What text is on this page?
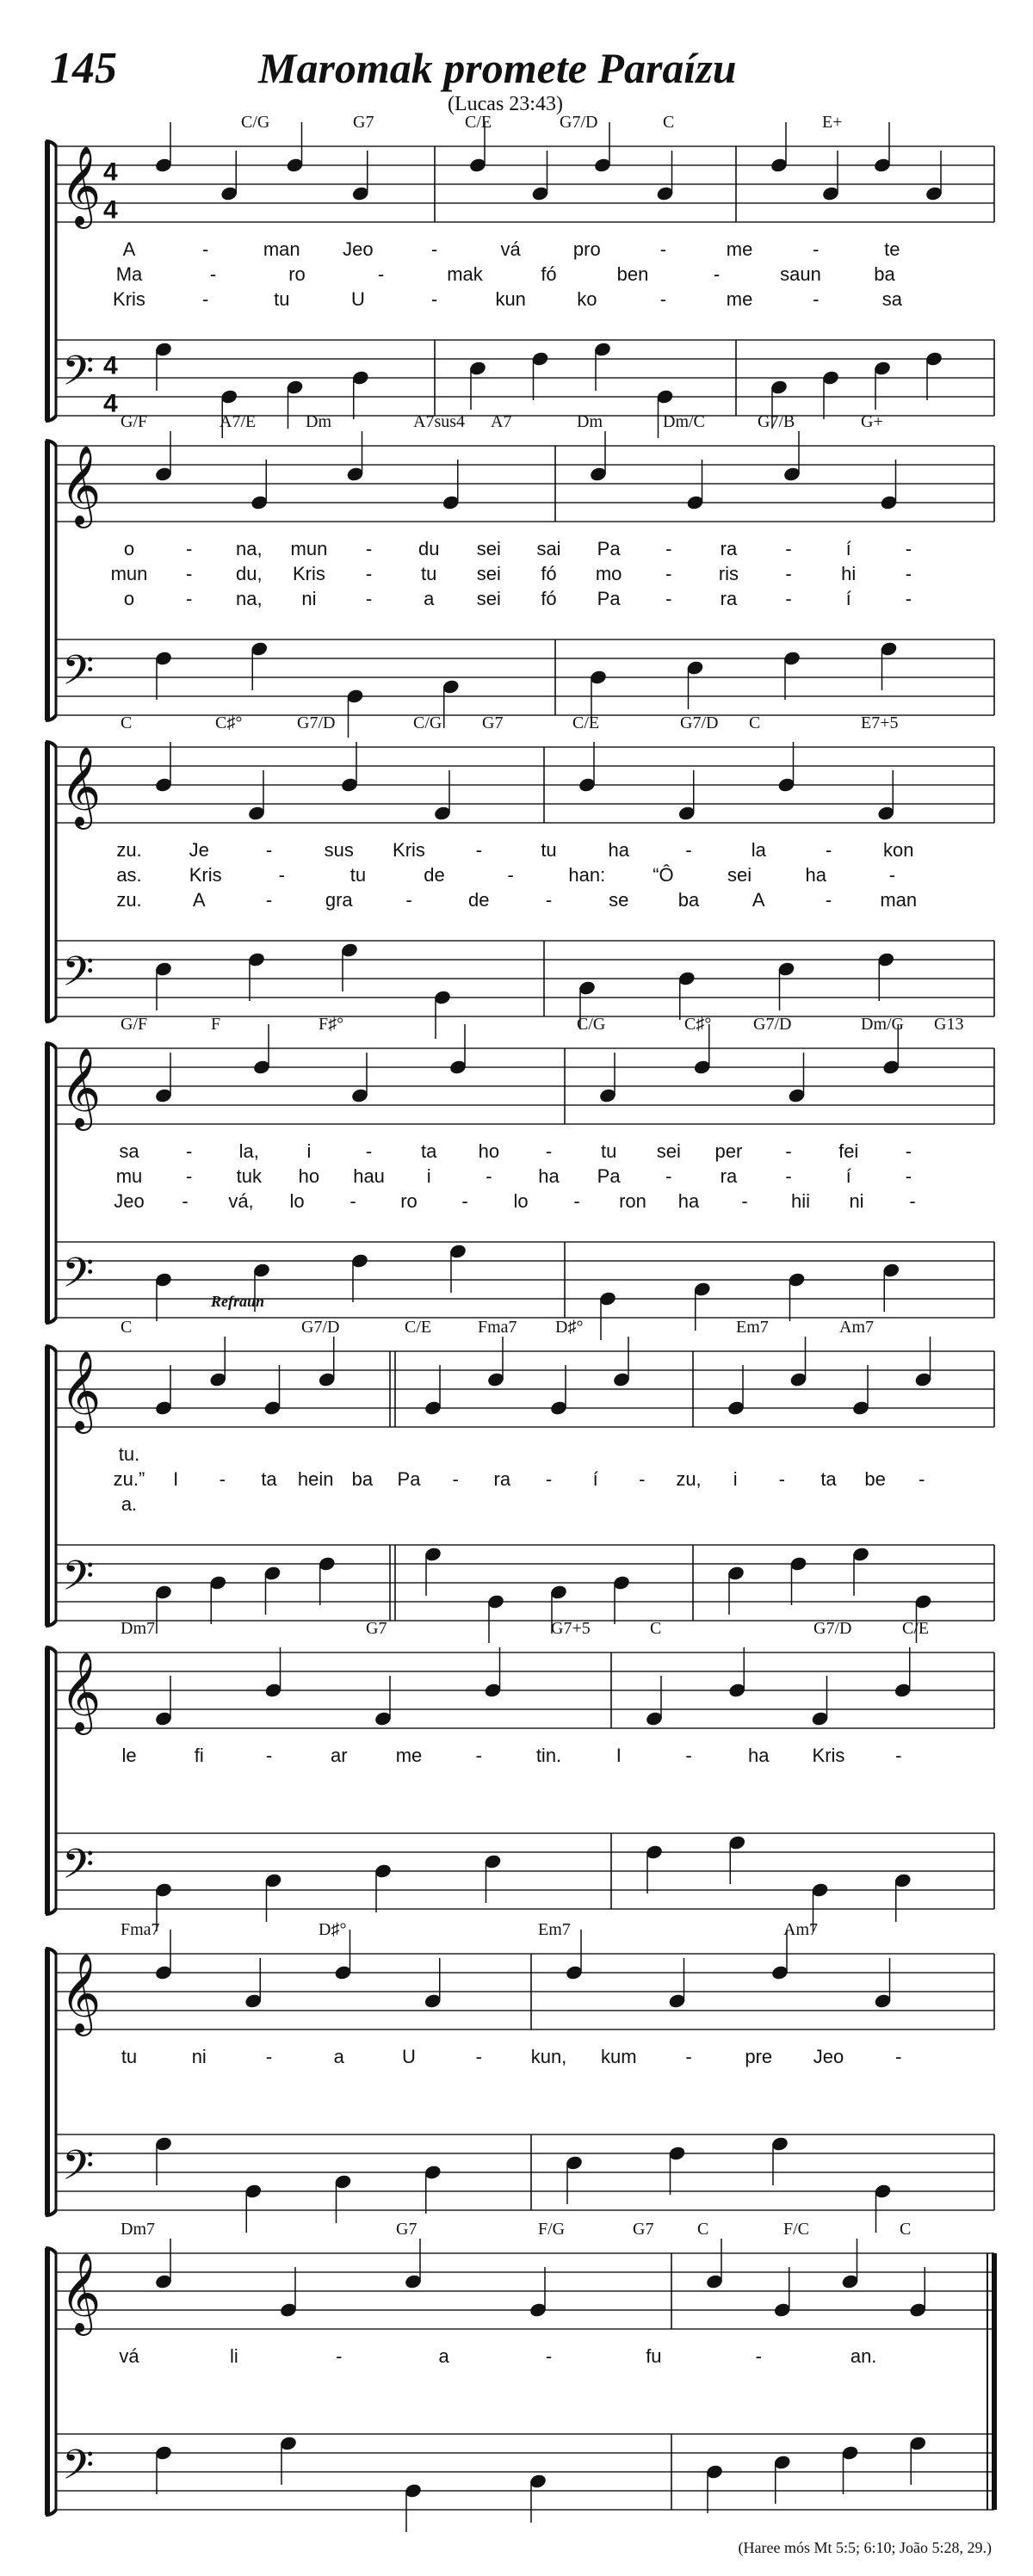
145	Maromak promete Paraízu
(Lucas 23:43)
𝄞
𝄢
4
4
4
4
C/G	G7	C/E	G7/D	C	E+
A	-	man Jeo	-	vá	pro	-	me	-	te
Ma	-	ro	-	mak	fó	ben	-	saun	ba
Kris	-	tu	U	-	kun	ko	-	me	-	sa
𝄞
𝄢
G/F	A7/E	Dm	A7sus4 A7	Dm	Dm/C	G7/B	G+
o	- na, mun - du sei sai Pa -	ra	-	í	-
mun - du, Kris -	tu sei fó mo - ris -	hi	-
o	- na, ni	-	a sei fó Pa -	ra	-	í	-
𝄞
𝄢
C	C♯°	G7/D	C/G G7	C/E	G7/D C	E7+5
zu. Je	-	sus Kris	-	tu	ha	-	la	-	kon
as.	Kris	-	tu	de	-	han: “Ô	sei	ha	-
zu.	A	-	gra	-	de	-	se	ba	A	-	man
𝄞
𝄢
G/F	F	F♯°	C/G	C♯° G7/D	Dm/G G13
sa - la,	i	-	ta ho -	tu sei per - fei -
mu - tuk ho hau i	- ha Pa -	ra	-	í	-
Jeo - vá, lo - ro - lo - ron ha - hii ni -
𝄞
𝄢
C	G7/D	C/E	Fma7 D♯°	Em7	Am7
Refraun
tu.
zu.” I - ta hein ba Pa - ra - í - zu, i - ta be -
a.
𝄞
𝄢
Dm7	G7	G7+5	C	G7/D	C/E
le	fi	-	ar	me	-	tin.	I	-	ha Kris	-
𝄞
𝄢
Fma7	D♯°	Em7	Am7
tu	ni	-	a	U	-	kun, kum	-	pre Jeo	-
𝄞
𝄢
Dm7	G7	F/G	G7	C	F/C	C
vá	li	-	a	-	fu	-	an.
(Haree mós Mt 5:5; 6:10; João 5:28, 29.)
